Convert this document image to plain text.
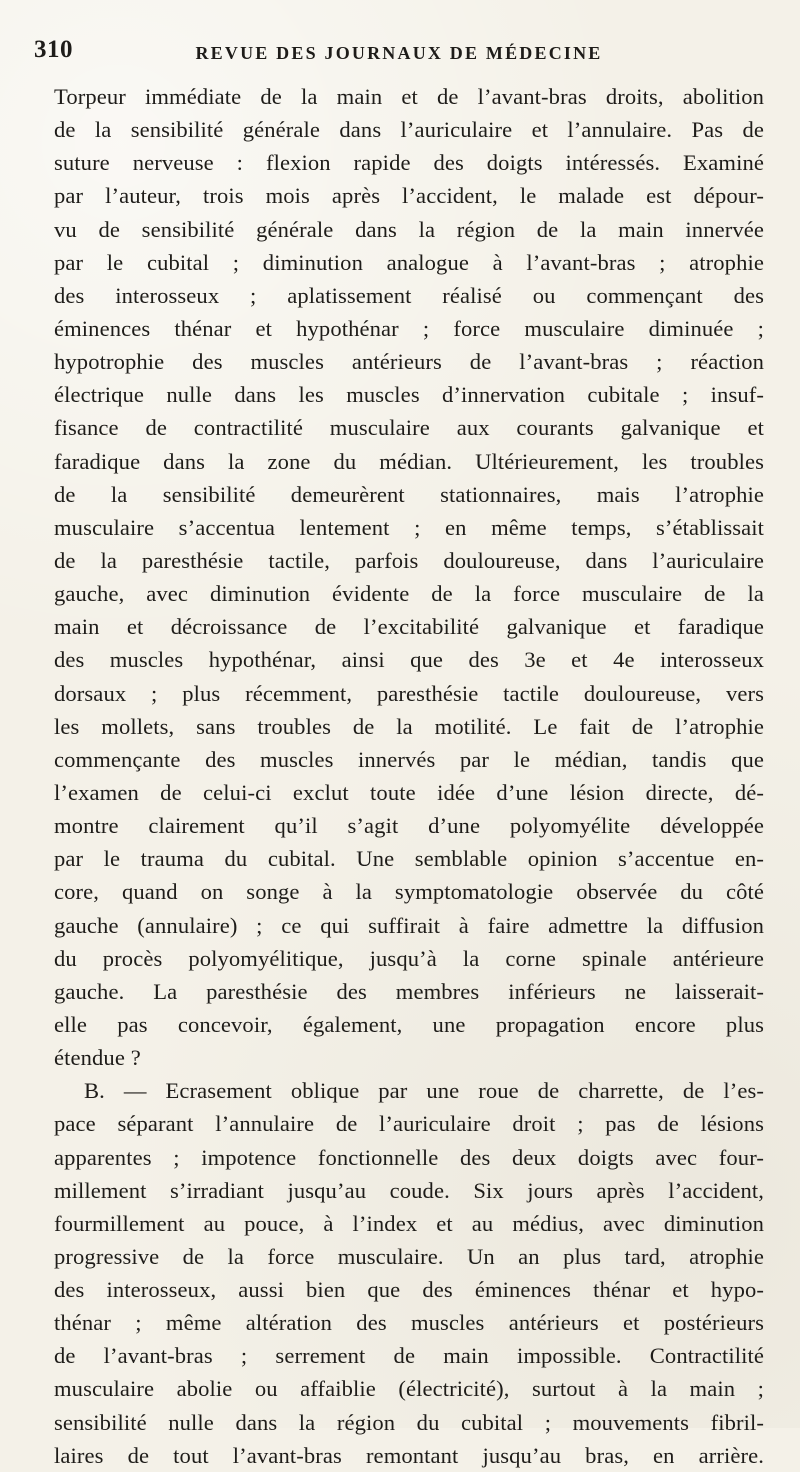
310	REVUE DES JOURNAUX DE MÉDECINE
Torpeur immédiate de la main et de l’avant-bras droits, abolition
de la sensibilité générale dans l’auriculaire et l’annulaire. Pas de
suture nerveuse : flexion rapide des doigts intéressés. Examiné
par l’auteur, trois mois après l’accident, le malade est dépour-
vu de sensibilité générale dans la région de la main innervée
par le cubital ; diminution analogue à l’avant-bras ; atrophie
des interosseux ; aplatissement réalisé ou commençant des
éminences thénar et hypothénar ; force musculaire diminuée ;
hypotrophie des muscles antérieurs de l’avant-bras ; réaction
électrique nulle dans les muscles d’innervation cubitale ; insuf-
fisance de contractilité musculaire aux courants galvanique et
faradique dans la zone du médian. Ultérieurement, les troubles
de la sensibilité demeurèrent stationnaires, mais l’atrophie
musculaire s’accentua lentement ; en même temps, s’établissait
de la paresthésie tactile, parfois douloureuse, dans l’auriculaire
gauche, avec diminution évidente de la force musculaire de la
main et décroissance de l’excitabilité galvanique et faradique
des muscles hypothénar, ainsi que des 3e et 4e interosseux
dorsaux ; plus récemment, paresthésie tactile douloureuse, vers
les mollets, sans troubles de la motilité. Le fait de l’atrophie
commençante des muscles innervés par le médian, tandis que
l’examen de celui-ci exclut toute idée d’une lésion directe, dé-
montre clairement qu’il s’agit d’une polyomyélite développée
par le trauma du cubital. Une semblable opinion s’accentue en-
core, quand on songe à la symptomatologie observée du côté
gauche (annulaire) ; ce qui suffirait à faire admettre la diffusion
du procès polyomyélitique, jusqu’à la corne spinale antérieure
gauche. La paresthésie des membres inférieurs ne laisserait-
elle pas concevoir, également, une propagation encore plus
étendue ?
B. — Ecrasement oblique par une roue de charrette, de l’es-
pace séparant l’annulaire de l’auriculaire droit ; pas de lésions
apparentes ; impotence fonctionnelle des deux doigts avec four-
millement s’irradiant jusqu’au coude. Six jours après l’accident,
fourmillement au pouce, à l’index et au médius, avec diminution
progressive de la force musculaire. Un an plus tard, atrophie
des interosseux, aussi bien que des éminences thénar et hypo-
thénar ; même altération des muscles antérieurs et postérieurs
de l’avant-bras ; serrement de main impossible. Contractilité
musculaire abolie ou affaiblie (électricité), surtout à la main ;
sensibilité nulle dans la région du cubital ; mouvements fibril-
laires de tout l’avant-bras remontant jusqu’au bras, en arrière.
